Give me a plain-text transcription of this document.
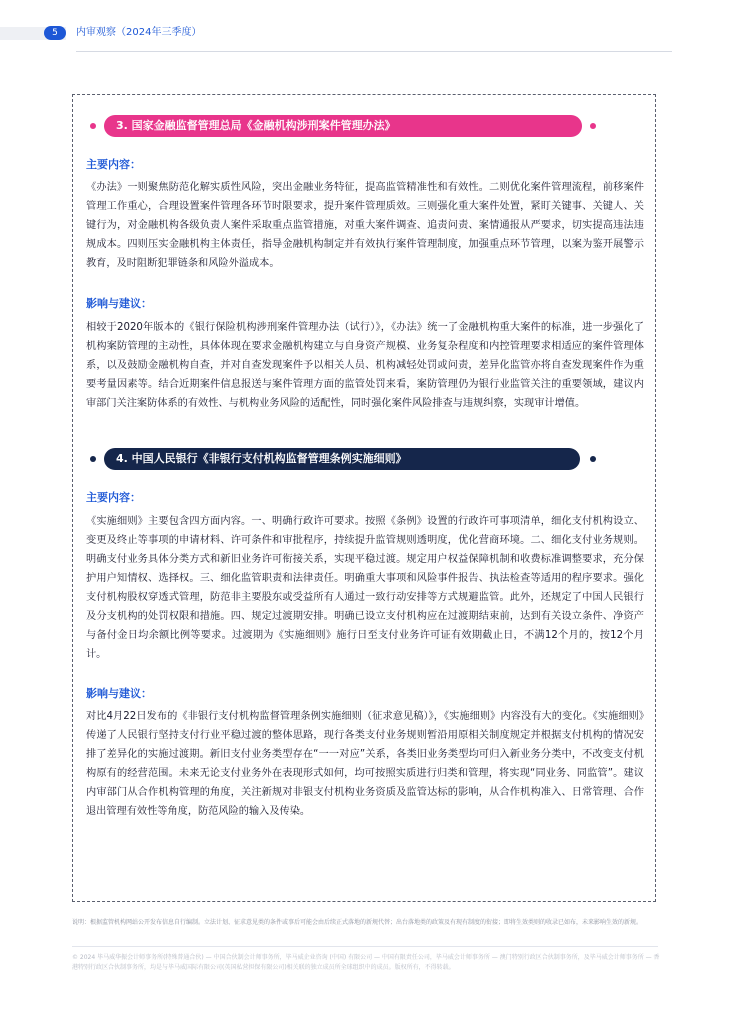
5	内审观察（2024年三季度）
3. 国家金融监督管理总局《金融机构涉刑案件管理办法》
主要内容：

《办法》一则聚焦防范化解实质性风险，突出金融业务特征，提高监管精准性和有效性。二则优化案件管理流程，前移案件管理工作重心，合理设置案件管理各环节时限要求，提升案件管理质效。三则强化重大案件处置，紧盯关键事、关键人、关键行为，对金融机构各级负责人案件采取重点监管措施，对重大案件调查、追责问责、案情通报从严要求，切实提高违法违规成本。四则压实金融机构主体责任，指导金融机构制定并有效执行案件管理制度，加强重点环节管理，以案为鉴开展警示教育，及时阻断犯罪链条和风险外溢成本。

影响与建议：

相较于2020年版本的《银行保险机构涉刑案件管理办法（试行）》，《办法》统一了金融机构重大案件的标准，进一步强化了机构案防管理的主动性，具体体现在要求金融机构建立与自身资产规模、业务复杂程度和内控管理要求相适应的案件管理体系，以及鼓励金融机构自查，并对自查发现案件予以相关人员、机构减轻处罚或问责，差异化监管亦将自查发现案件作为重要考量因素等。结合近期案件信息报送与案件管理方面的监管处罚来看，案防管理仍为银行业监管关注的重要领域，建议内审部门关注案防体系的有效性、与机构业务风险的适配性，同时强化案件风险排查与违规纠察，实现审计增值。

4. 中国人民银行《非银行支付机构监督管理条例实施细则》
主要内容：

《实施细则》主要包含四方面内容。一、明确行政许可要求。按照《条例》设置的行政许可事项清单，细化支付机构设立、变更及终止等事项的申请材料、许可条件和审批程序，持续提升监管规则透明度，优化营商环境。二、细化支付业务规则。明确支付业务具体分类方式和新旧业务许可衔接关系，实现平稳过渡。规定用户权益保障机制和收费标准调整要求，充分保护用户知情权、选择权。三、细化监管职责和法律责任。明确重大事项和风险事件报告、执法检查等适用的程序要求。强化支付机构股权穿透式管理，防范非主要股东或受益所有人通过一致行动安排等方式规避监管。此外，还规定了中国人民银行及分支机构的处罚权限和措施。四、规定过渡期安排。明确已设立支付机构应在过渡期结束前，达到有关设立条件、净资产与备付金日均余额比例等要求。过渡期为《实施细则》施行日至支付业务许可证有效期截止日，不满12个月的，按12个月计。

影响与建议：

对比4月22日发布的《非银行支付机构监督管理条例实施细则（征求意见稿）》，《实施细则》内容没有大的变化。《实施细则》传递了人民银行坚持支付行业平稳过渡的整体思路，现行各类支付业务规则暂沿用原相关制度规定并根据支付机构的情况安排了差异化的实施过渡期。新旧支付业务类型存在“一一对应”关系，各类旧业务类型均可归入新业务分类中，不改变支付机构原有的经营范围。未来无论支付业务外在表现形式如何，均可按照实质进行归类和管理，将实现“同业务、同监管”。建议内审部门从合作机构管理的角度，关注新规对非银支付机构业务资质及监管达标的影响，从合作机构准入、日常管理、合作退出管理有效性等角度，防范风险的输入及传染。

说明：根据监管机构网站公开发布信息自行编制。立法计划、征求意见类的条件或事后可能会由后续正式落地的新规代替；出台落地类的政策及有现有制度的衔接；即将生效类则的收录已如布，未来影响生效的新规。

© 2024 毕马威华振会计师事务所(特殊普通合伙) — 中国合伙制会计师事务所，毕马威企业咨询 (中国) 有限公司 — 中国有限责任公司，毕马威会计师事务所 — 澳门特别行政区合伙制事务所，及毕马威会计师事务所 — 香港特别行政区合伙制事务所，均是与毕马威国际有限公司(英国私营担保有限公司)相关联的独立成员所全球组织中的成员。版权所有，不得转载。
